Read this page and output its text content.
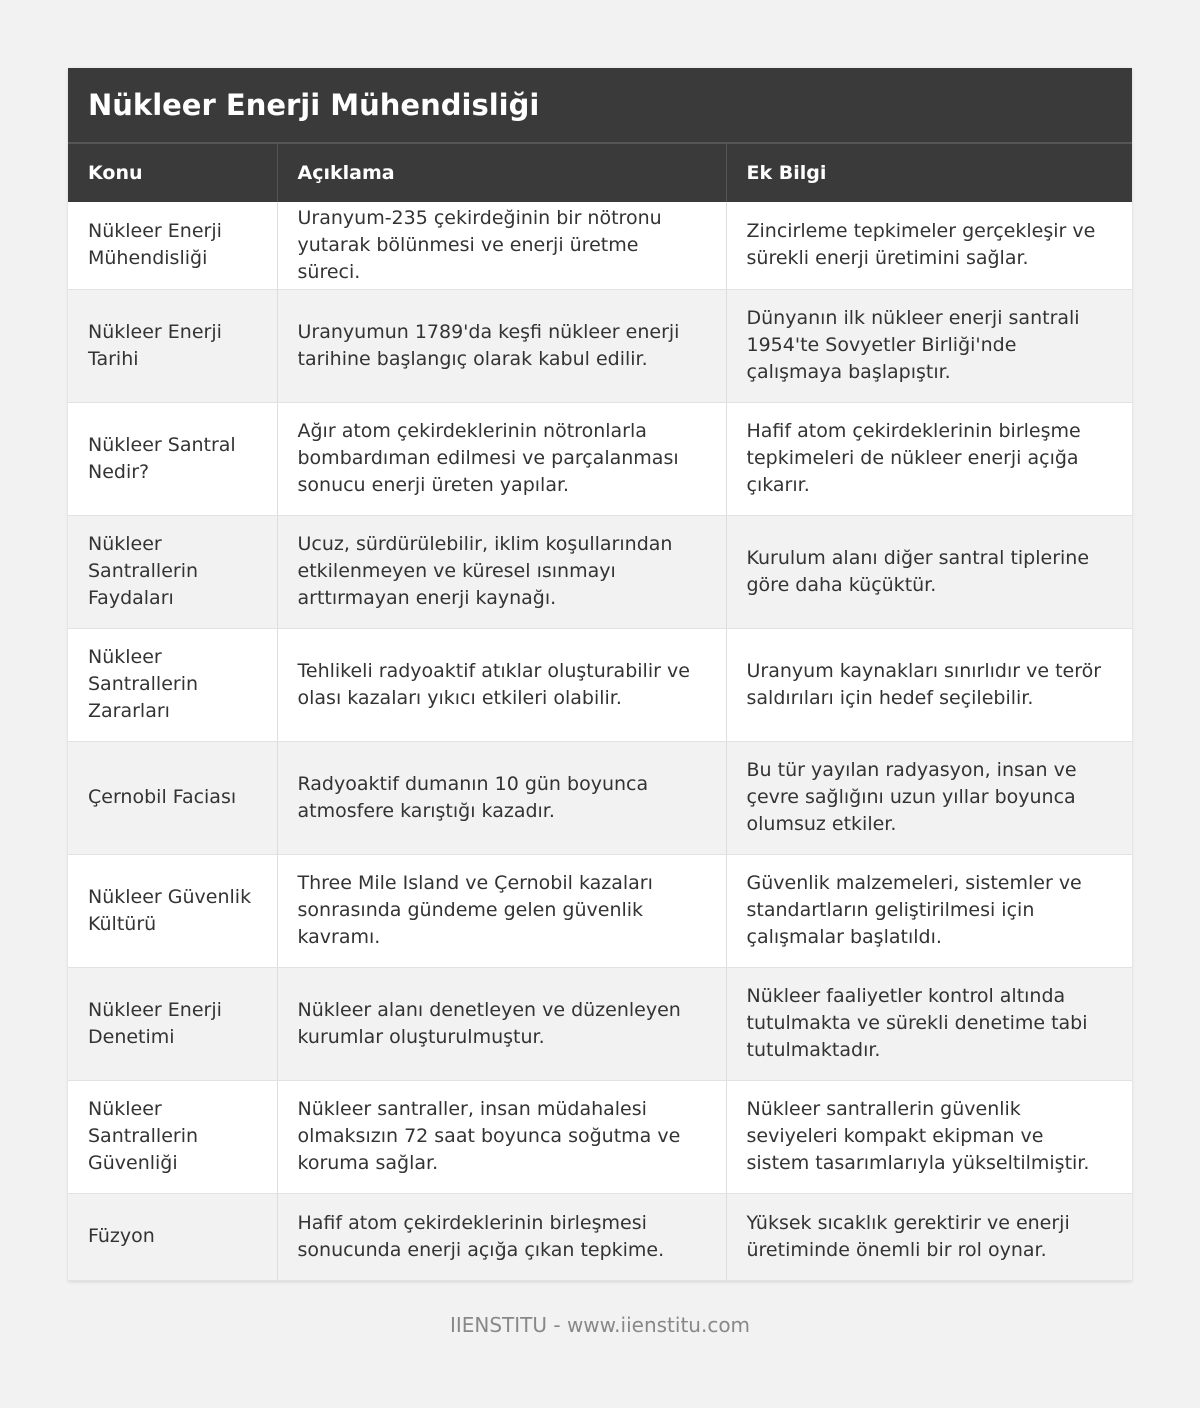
Nükleer Enerji Mühendisliği
Konu	Açıklama	Ek Bilgi
Nükleer Enerji Mühendisliği	Uranyum-235 çekirdeğinin bir nötronu yutarak bölünmesi ve enerji üretme süreci.	Zincirleme tepkimeler gerçekleşir ve sürekli enerji üretimini sağlar.
Nükleer Enerji Tarihi	Uranyumun 1789'da keşfi nükleer enerji tarihine başlangıç olarak kabul edilir.	Dünyanın ilk nükleer enerji santrali 1954'te Sovyetler Birliği'nde çalışmaya başlapıştır.
Nükleer Santral Nedir?	Ağır atom çekirdeklerinin nötronlarla bombardıman edilmesi ve parçalanması sonucu enerji üreten yapılar.	Hafif atom çekirdeklerinin birleşme tepkimeleri de nükleer enerji açığa çıkarır.
Nükleer Santrallerin Faydaları	Ucuz, sürdürülebilir, iklim koşullarından etkilenmeyen ve küresel ısınmayı arttırmayan enerji kaynağı.	Kurulum alanı diğer santral tiplerine göre daha küçüktür.
Nükleer Santrallerin Zararları	Tehlikeli radyoaktif atıklar oluşturabilir ve olası kazaları yıkıcı etkileri olabilir.	Uranyum kaynakları sınırlıdır ve terör saldırıları için hedef seçilebilir.
Çernobil Faciası	Radyoaktif dumanın 10 gün boyunca atmosfere karıştığı kazadır.	Bu tür yayılan radyasyon, insan ve çevre sağlığını uzun yıllar boyunca olumsuz etkiler.
Nükleer Güvenlik Kültürü	Three Mile Island ve Çernobil kazaları sonrasında gündeme gelen güvenlik kavramı.	Güvenlik malzemeleri, sistemler ve standartların geliştirilmesi için çalışmalar başlatıldı.
Nükleer Enerji Denetimi	Nükleer alanı denetleyen ve düzenleyen kurumlar oluşturulmuştur.	Nükleer faaliyetler kontrol altında tutulmakta ve sürekli denetime tabi tutulmaktadır.
Nükleer Santrallerin Güvenliği	Nükleer santraller, insan müdahalesi olmaksızın 72 saat boyunca soğutma ve koruma sağlar.	Nükleer santrallerin güvenlik seviyeleri kompakt ekipman ve sistem tasarımlarıyla yükseltilmiştir.
Füzyon	Hafif atom çekirdeklerinin birleşmesi sonucunda enerji açığa çıkan tepkime.	Yüksek sıcaklık gerektirir ve enerji üretiminde önemli bir rol oynar.
IIENSTITU - www.iienstitu.com
